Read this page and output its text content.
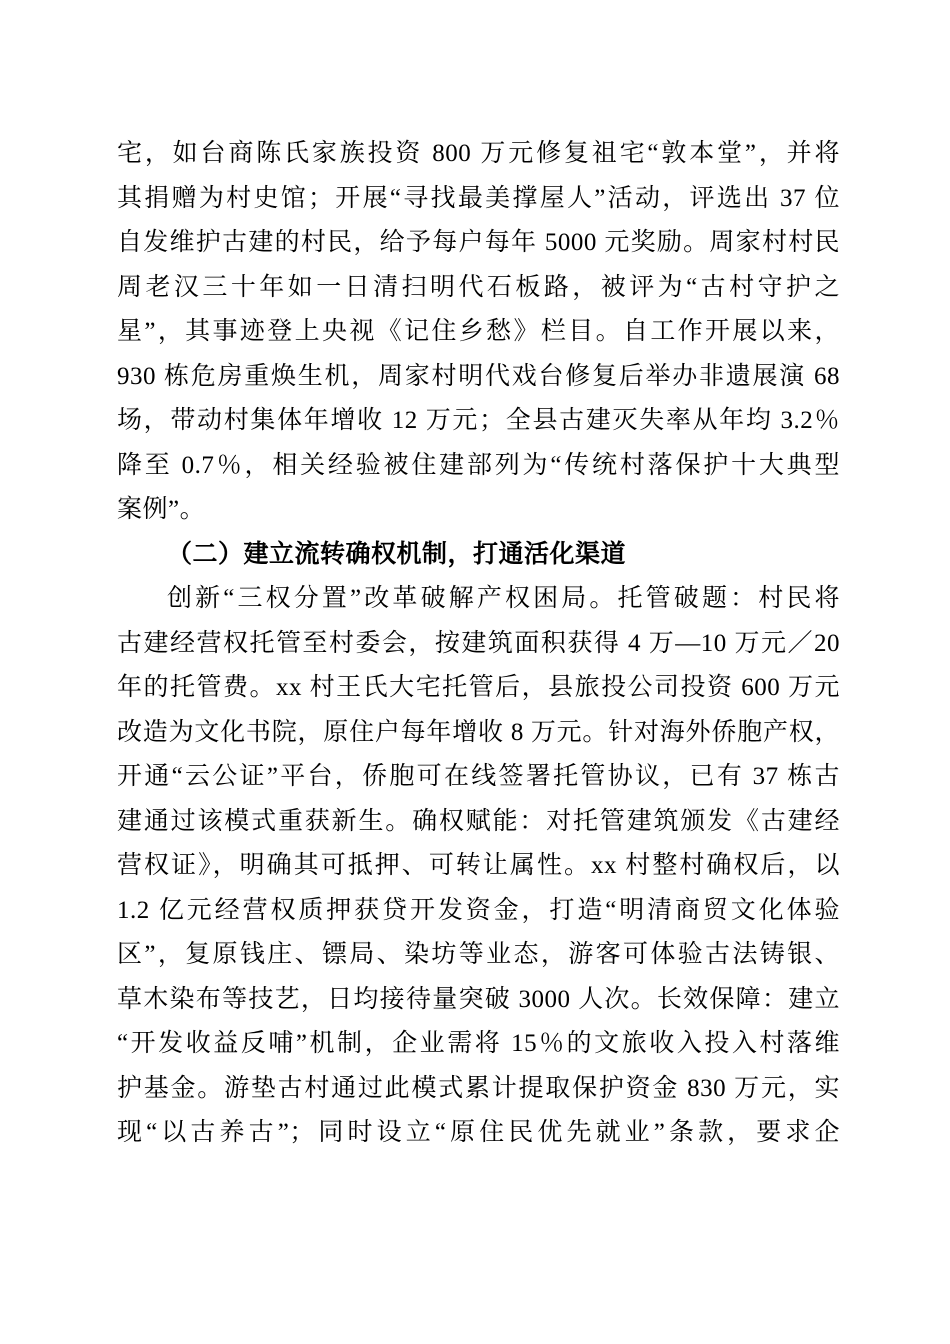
宅，如台商陈氏家族投资 800 万元修复祖宅“敦本堂”，并将
其捐赠为村史馆；开展“寻找最美撑屋人”活动，评选出 37 位
自发维护古建的村民，给予每户每年 5000 元奖励。周家村村民
周老汉三十年如一日清扫明代石板路，被评为“古村守护之
星”，其事迹登上央视《记住乡愁》栏目。自工作开展以来，
930 栋危房重焕生机，周家村明代戏台修复后举办非遗展演 68
场，带动村集体年增收 12 万元；全县古建灭失率从年均 3.2％
降至 0.7％，相关经验被住建部列为“传统村落保护十大典型
案例”。
（二）建立流转确权机制，打通活化渠道
创新“三权分置”改革破解产权困局。托管破题：村民将
古建经营权托管至村委会，按建筑面积获得 4 万—10 万元／20
年的托管费。xx 村王氏大宅托管后，县旅投公司投资 600 万元
改造为文化书院，原住户每年增收 8 万元。针对海外侨胞产权，
开通“云公证”平台，侨胞可在线签署托管协议，已有 37 栋古
建通过该模式重获新生。确权赋能：对托管建筑颁发《古建经
营权证》，明确其可抵押、可转让属性。xx 村整村确权后，以
1.2 亿元经营权质押获贷开发资金，打造“明清商贸文化体验
区”，复原钱庄、镖局、染坊等业态，游客可体验古法铸银、
草木染布等技艺，日均接待量突破 3000 人次。长效保障：建立
“开发收益反哺”机制，企业需将 15％的文旅收入投入村落维
护基金。游垫古村通过此模式累计提取保护资金 830 万元，实
现“以古养古”；同时设立“原住民优先就业”条款，要求企
